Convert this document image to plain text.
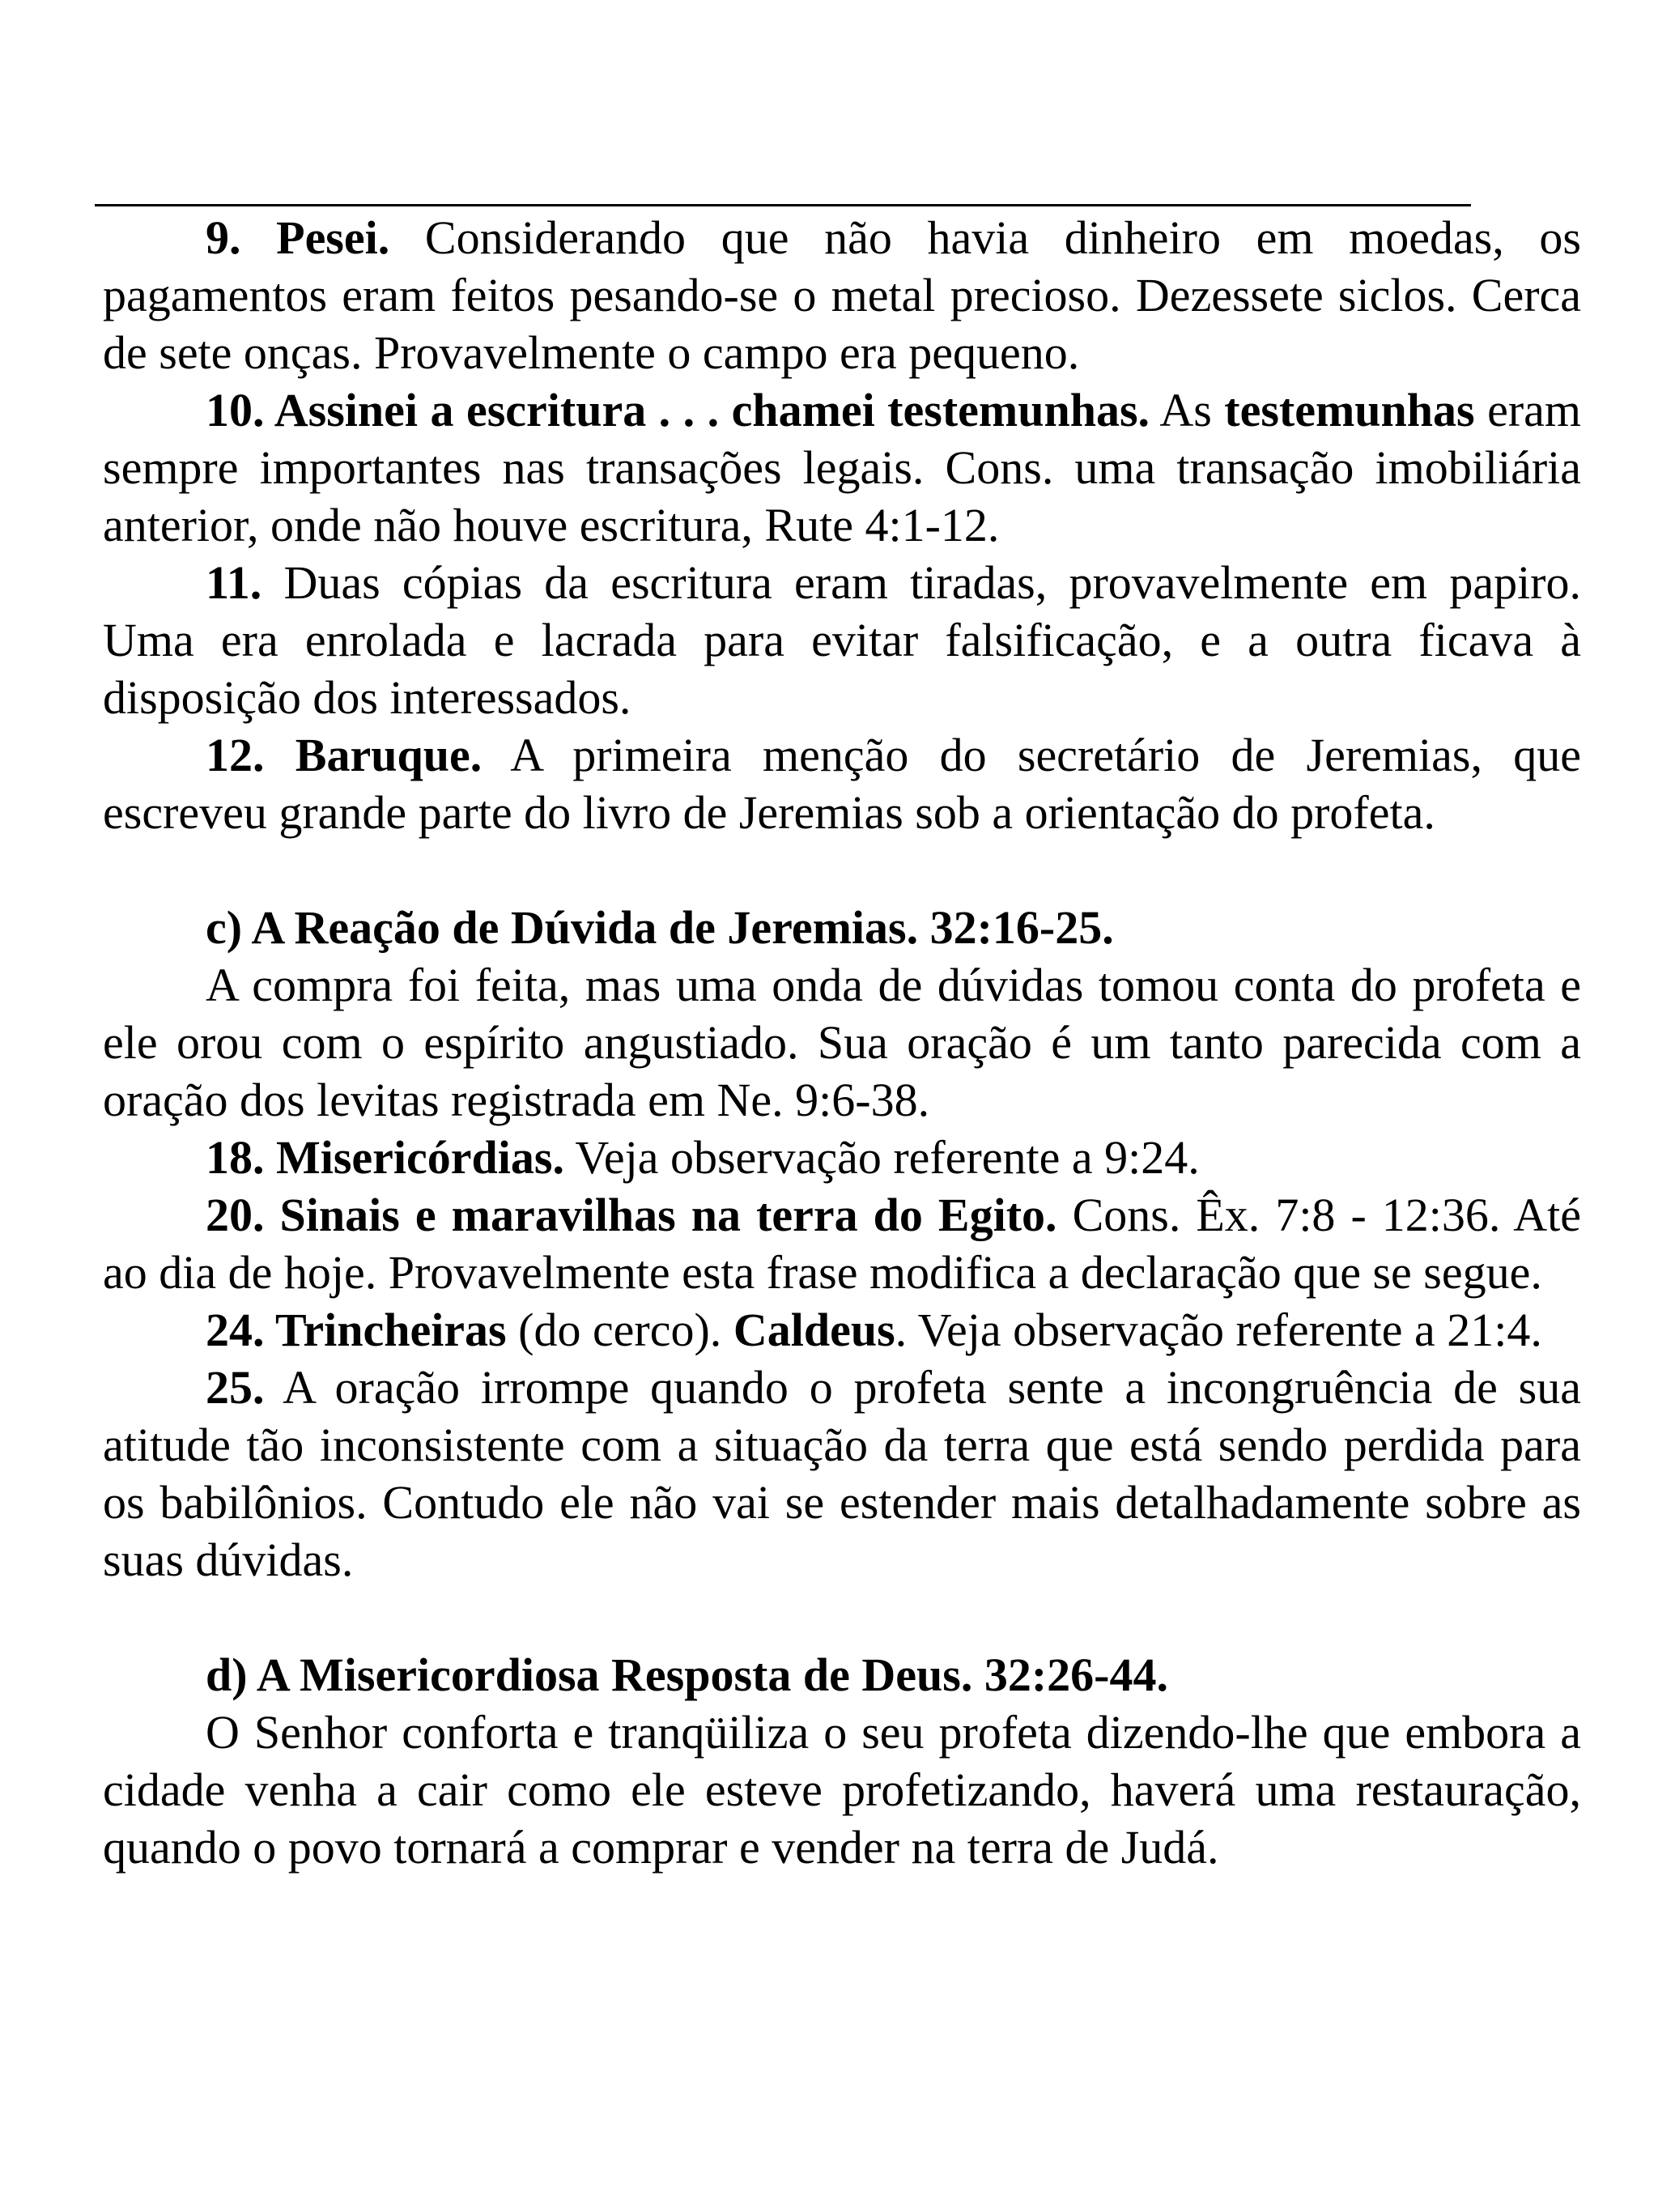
9. Pesei. Considerando que não havia dinheiro em moedas, os pagamentos eram feitos pesando-se o metal precioso. Dezessete siclos. Cerca de sete onças. Provavelmente o campo era pequeno.

10. Assinei a escritura . . . chamei testemunhas. As testemunhas eram sempre importantes nas transações legais. Cons. uma transação imobiliária anterior, onde não houve escritura, Rute 4:1-12.

11. Duas cópias da escritura eram tiradas, provavelmente em papiro. Uma era enrolada e lacrada para evitar falsificação, e a outra ficava à disposição dos interessados.

12. Baruque. A primeira menção do secretário de Jeremias, que escreveu grande parte do livro de Jeremias sob a orientação do profeta.

c) A Reação de Dúvida de Jeremias. 32:16-25.

A compra foi feita, mas uma onda de dúvidas tomou conta do profeta e ele orou com o espírito angustiado. Sua oração é um tanto parecida com a oração dos levitas registrada em Ne. 9:6-38.

18. Misericórdias. Veja observação referente a 9:24.

20. Sinais e maravilhas na terra do Egito. Cons. Êx. 7:8 - 12:36. Até ao dia de hoje. Provavelmente esta frase modifica a declaração que se segue.

24. Trincheiras (do cerco). Caldeus. Veja observação referente a 21:4.

25. A oração irrompe quando o profeta sente a incongruência de sua atitude tão inconsistente com a situação da terra que está sendo perdida para os babilônios. Contudo ele não vai se estender mais detalhadamente sobre as suas dúvidas.

d) A Misericordiosa Resposta de Deus. 32:26-44.

O Senhor conforta e tranqüiliza o seu profeta dizendo-lhe que embora a cidade venha a cair como ele esteve profetizando, haverá uma restauração, quando o povo tornará a comprar e vender na terra de Judá.
